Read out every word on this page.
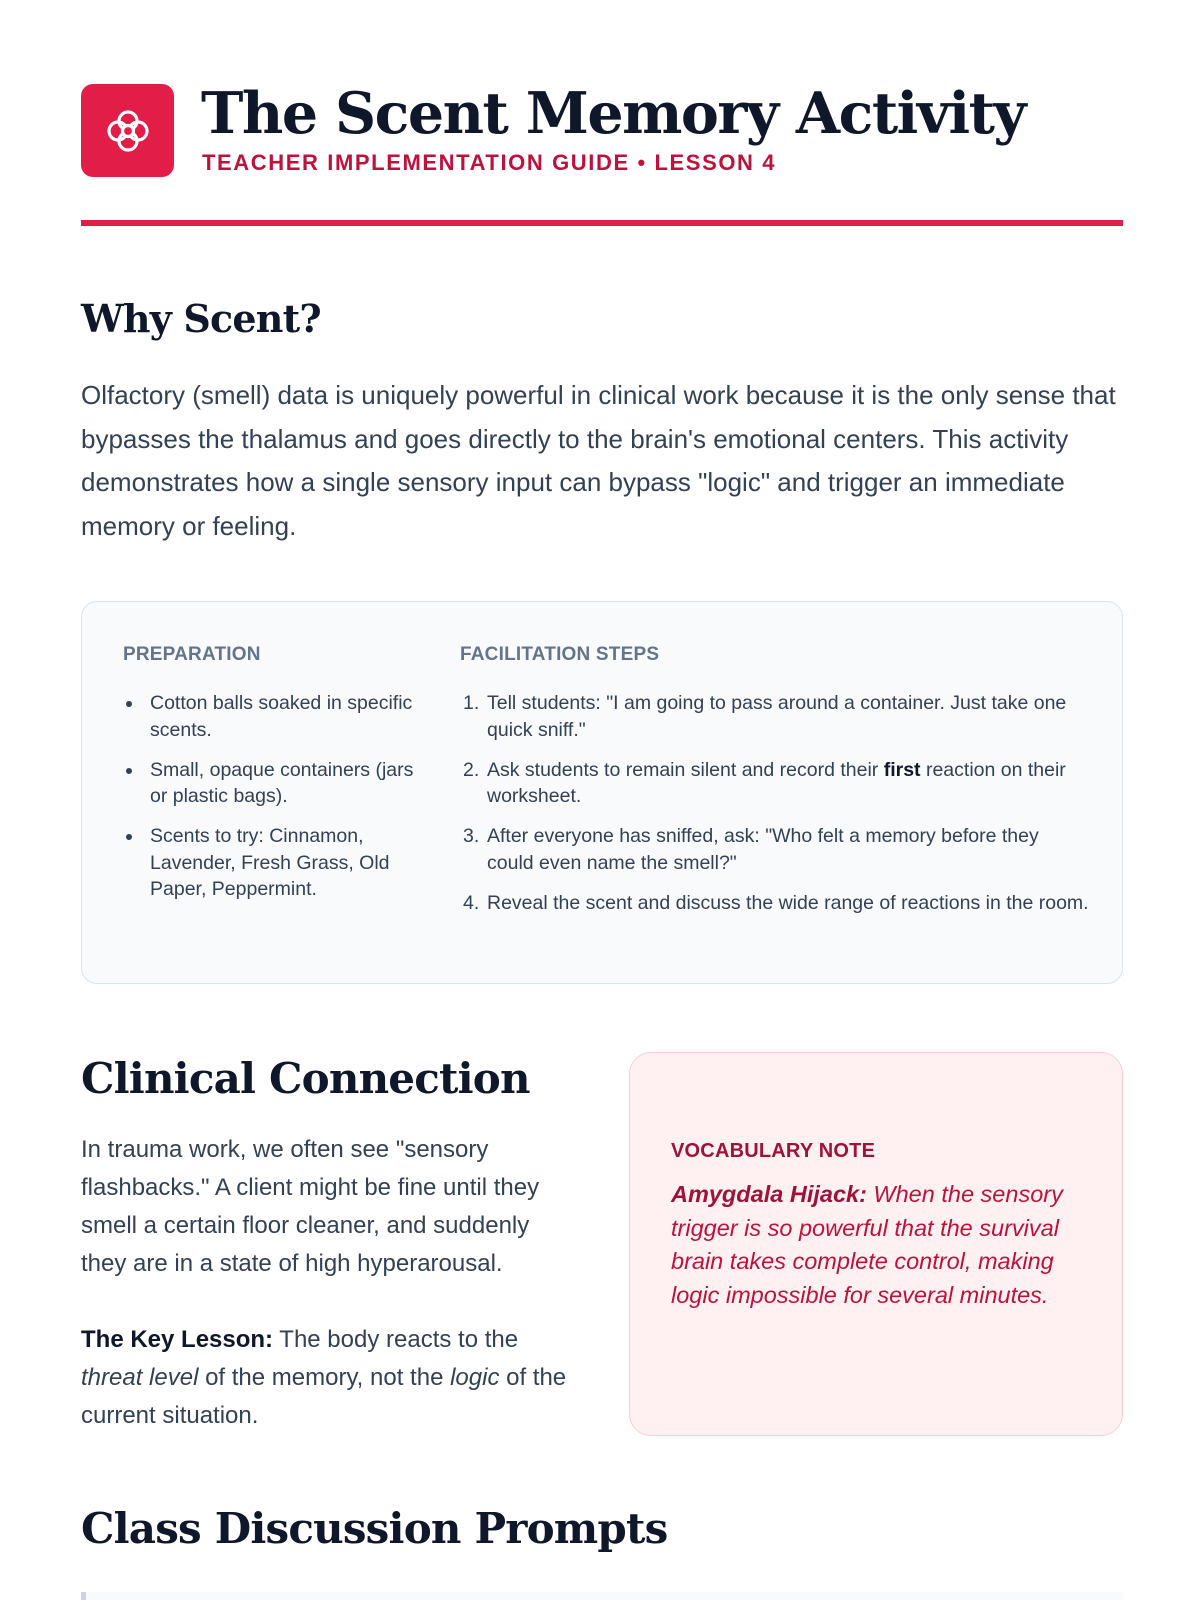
The Scent Memory Activity
TEACHER IMPLEMENTATION GUIDE • LESSON 4
Why Scent?

Olfactory (smell) data is uniquely powerful in clinical work because it is the only sense that bypasses the thalamus and goes directly to the brain's emotional centers. This activity demonstrates how a single sensory input can bypass "logic" and trigger an immediate memory or feeling.

PREPARATION
Cotton balls soaked in specific scents.
Small, opaque containers (jars or plastic bags).
Scents to try: Cinnamon, Lavender, Fresh Grass, Old Paper, Peppermint.
FACILITATION STEPS
Tell students: "I am going to pass around a container. Just take one quick sniff."
Ask students to remain silent and record their first reaction on their worksheet.
After everyone has sniffed, ask: "Who felt a memory before they could even name the smell?"
Reveal the scent and discuss the wide range of reactions in the room.
Clinical Connection

In trauma work, we often see "sensory flashbacks." A client might be fine until they smell a certain floor cleaner, and suddenly they are in a state of high hyperarousal.

The Key Lesson: The body reacts to the threat level of the memory, not the logic of the current situation.

VOCABULARY NOTE

Amygdala Hijack: When the sensory trigger is so powerful that the survival brain takes complete control, making logic impossible for several minutes.

Class Discussion Prompts
